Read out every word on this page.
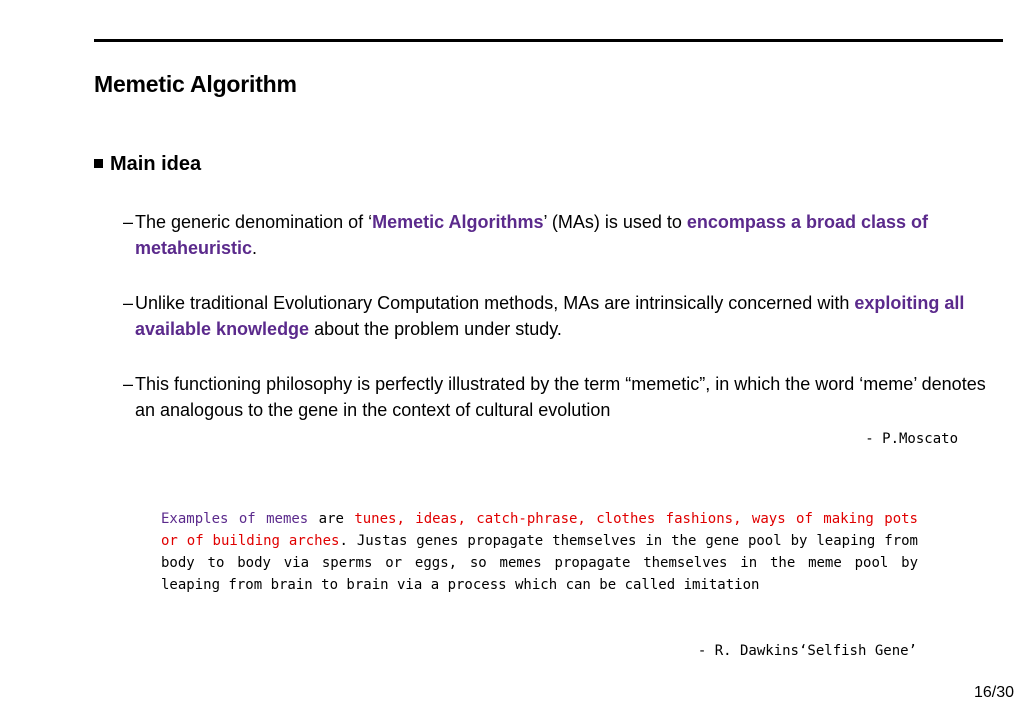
Memetic Algorithm
Main idea
– The generic denomination of ‘Memetic Algorithms’ (MAs) is used to encompass a broad class of metaheuristic.
– Unlike traditional Evolutionary Computation methods, MAs are intrinsically concerned with exploiting all available knowledge about the problem under study.
– This functioning philosophy is perfectly illustrated by the term “memetic”, in which the word ‘meme’ denotes an analogous to the gene in the context of cultural evolution
- P.Moscato
Examples of memes are tunes, ideas, catch-phrase, clothes fashions, ways of making pots or of building arches. Justas genes propagate themselves in the gene pool by leaping from body to body via sperms or eggs, so memes propagate themselves in the meme pool by leaping from brain to brain via a process which can be called imitation
- R. Dawkins‘Selfish Gene’
16/30
